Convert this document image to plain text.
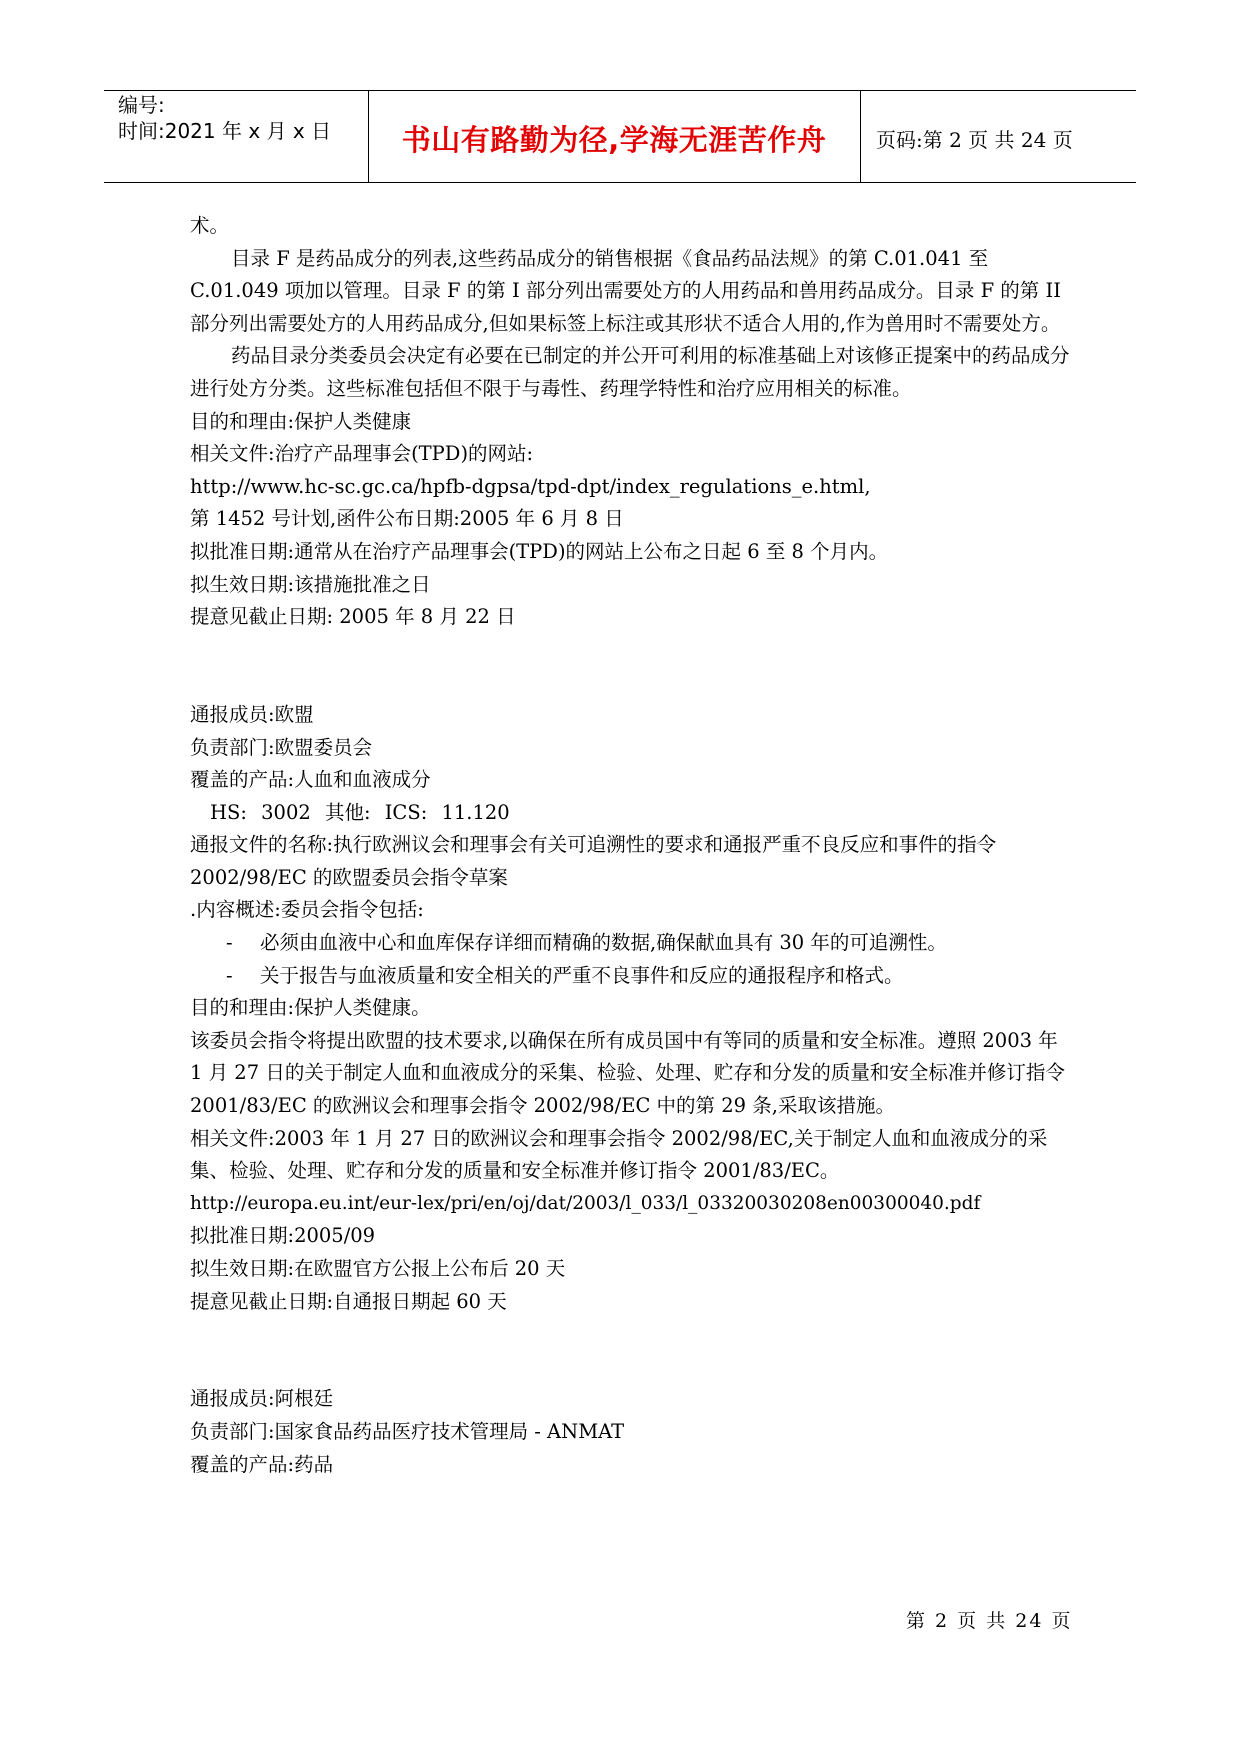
编号:
时间:2021 年 x 月 x 日	书山有路勤为径,学海无涯苦作舟	页码:第 2 页 共 24 页

术。

目录 F 是药品成分的列表,这些药品成分的销售根据《食品药品法规》的第 C.01.041 至 C.01.049 项加以管理。目录 F 的第 I 部分列出需要处方的人用药品和兽用药品成分。目录 F 的第 II 部分列出需要处方的人用药品成分,但如果标签上标注或其形状不适合人用的,作为兽用时不需要处方。

药品目录分类委员会决定有必要在已制定的并公开可利用的标准基础上对该修正提案中的药品成分进行处方分类。这些标准包括但不限于与毒性、药理学特性和治疗应用相关的标准。

目的和理由:保护人类健康

相关文件:治疗产品理事会(TPD)的网站:

http://www.hc-sc.gc.ca/hpfb-dgpsa/tpd-dpt/index_regulations_e.html,

第 1452 号计划,函件公布日期:2005 年 6 月 8 日

拟批准日期:通常从在治疗产品理事会(TPD)的网站上公布之日起 6 至 8 个月内。

拟生效日期:该措施批准之日

提意见截止日期: 2005 年 8 月 22 日

通报成员:欧盟

负责部门:欧盟委员会

覆盖的产品:人血和血液成分

HS: 3002 其他: ICS: 11.120

通报文件的名称:执行欧洲议会和理事会有关可追溯性的要求和通报严重不良反应和事件的指令 2002/98/EC 的欧盟委员会指令草案

.内容概述:委员会指令包括:

- 必须由血液中心和血库保存详细而精确的数据,确保献血具有 30 年的可追溯性。

- 关于报告与血液质量和安全相关的严重不良事件和反应的通报程序和格式。

目的和理由:保护人类健康。

该委员会指令将提出欧盟的技术要求,以确保在所有成员国中有等同的质量和安全标准。遵照 2003 年 1 月 27 日的关于制定人血和血液成分的采集、检验、处理、贮存和分发的质量和安全标准并修订指令 2001/83/EC 的欧洲议会和理事会指令 2002/98/EC 中的第 29 条,采取该措施。

相关文件:2003 年 1 月 27 日的欧洲议会和理事会指令 2002/98/EC,关于制定人血和血液成分的采集、检验、处理、贮存和分发的质量和安全标准并修订指令 2001/83/EC。

http://europa.eu.int/eur-lex/pri/en/oj/dat/2003/l_033/l_03320030208en00300040.pdf

拟批准日期:2005/09

拟生效日期:在欧盟官方公报上公布后 20 天

提意见截止日期:自通报日期起 60 天

通报成员:阿根廷

负责部门:国家食品药品医疗技术管理局 - ANMAT

覆盖的产品:药品

第 2 页 共 24 页
